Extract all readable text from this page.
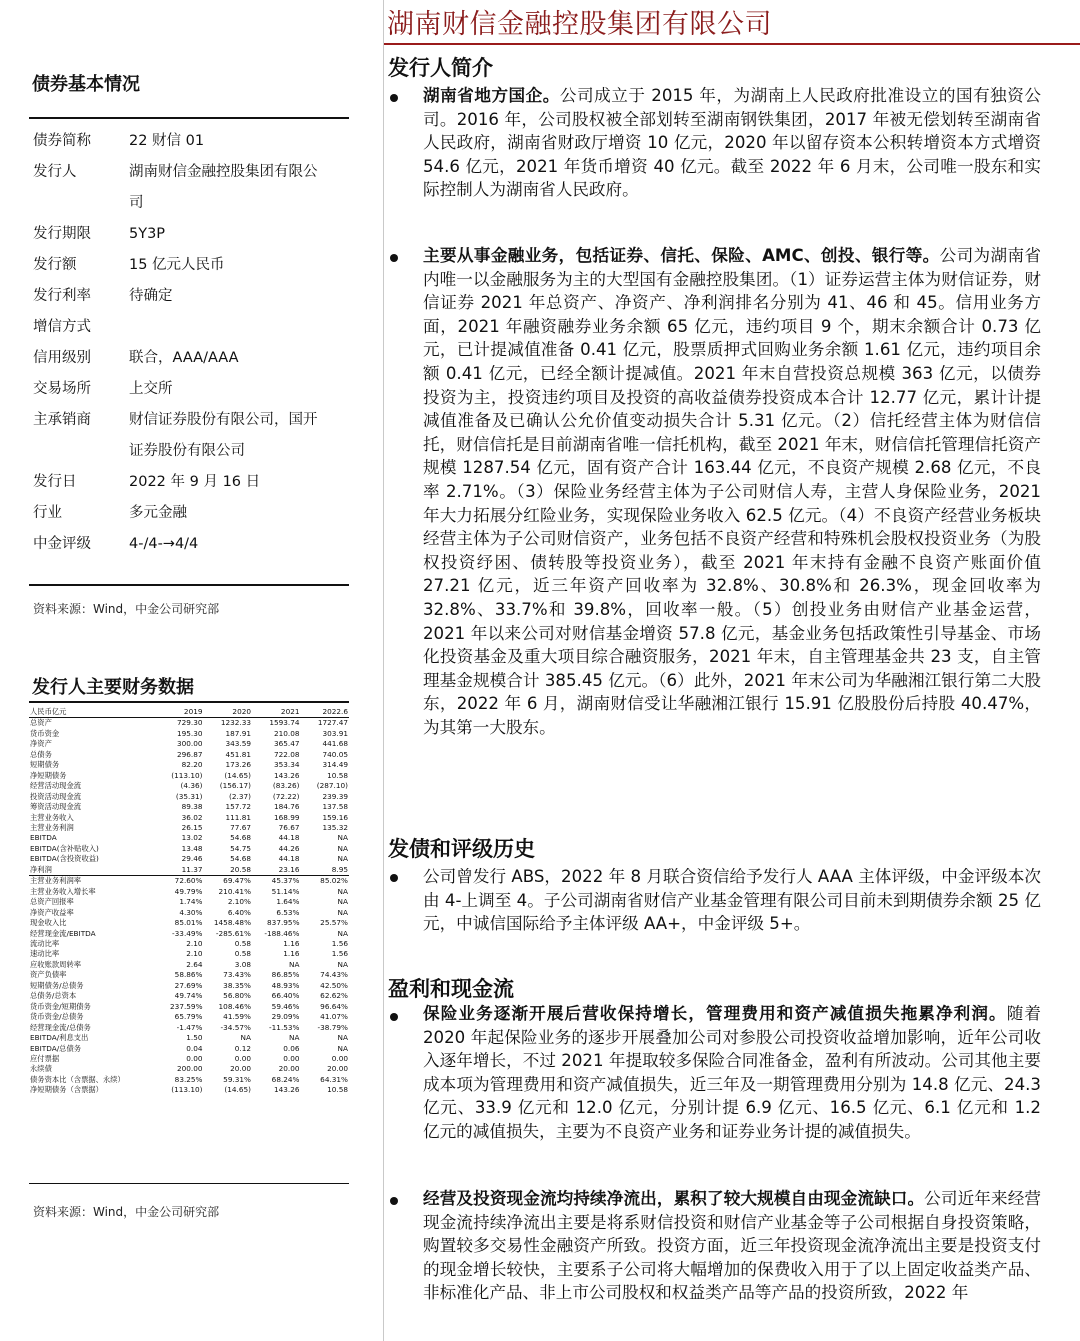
湖南财信金融控股集团有限公司
债券基本情况
债券简称	22 财信 01
发行人	湖南财信金融控股集团有限公
司
发行期限	5Y3P
发行额	15 亿元人民币
发行利率	待确定
增信方式
信用级别	联合，AAA/AAA
交易场所	上交所
主承销商	财信证券股份有限公司，国开
证券股份有限公司
发行日	2022 年 9 月 16 日
行业	多元金融
中金评级	4-/4-→4/4
资料来源：Wind，中金公司研究部
发行人主要财务数据
人民币亿元	2019	2020	2021	2022.6
总资产	729.30	1232.33	1593.74	1727.47
货币资金	195.30	187.91	210.08	303.91
净资产	300.00	343.59	365.47	441.68
总债务	296.87	451.81	722.08	740.05
短期债务	82.20	173.26	353.34	314.49
净短期债务	(113.10)	(14.65)	143.26	10.58
经营活动现金流	(4.36)	(156.17)	(83.26)	(287.10)
投资活动现金流	(35.31)	(2.37)	(72.22)	239.39
筹资活动现金流	89.38	157.72	184.76	137.58
主营业务收入	36.02	111.81	168.99	159.16
主营业务利润	26.15	77.67	76.67	135.32
EBITDA	13.02	54.68	44.18	NA
EBITDA(含补贴收入)	13.48	54.75	44.26	NA
EBITDA(含投资收益)	29.46	54.68	44.18	NA
净利润	11.37	20.58	23.16	8.95
主营业务利润率	72.60%	69.47%	45.37%	85.02%
主营业务收入增长率	49.79%	210.41%	51.14%	NA
总资产回报率	1.74%	2.10%	1.64%	NA
净资产收益率	4.30%	6.40%	6.53%	NA
现金收入比	85.01%	1458.48%	837.95%	25.57%
经营现金流/EBITDA	-33.49%	-285.61%	-188.46%	NA
流动比率	2.10	0.58	1.16	1.56
速动比率	2.10	0.58	1.16	1.56
应收账款周转率	2.64	3.08	NA	NA
资产负债率	58.86%	73.43%	86.85%	74.43%
短期债务/总债务	27.69%	38.35%	48.93%	42.50%
总债务/总资本	49.74%	56.80%	66.40%	62.62%
货币资金/短期债务	237.59%	108.46%	59.46%	96.64%
货币资金/总债务	65.79%	41.59%	29.09%	41.07%
经营现金流/总债务	-1.47%	-34.57%	-11.53%	-38.79%
EBITDA/利息支出	1.50	NA	NA	NA
EBITDA/总债务	0.04	0.12	0.06	NA
应付票据	0.00	0.00	0.00	0.00
永续债	200.00	20.00	20.00	20.00
债务资本比（含票据、永续）	83.25%	59.31%	68.24%	64.31%
净短期债务（含票据）	(113.10)	(14.65)	143.26	10.58
资料来源：Wind，中金公司研究部
发行人简介
湖南省地方国企。公司成立于 2015 年，为湖南上人民政府批准设立的国有独资公司。2016 年，公司股权被全部划转至湖南钢铁集团，2017 年被无偿划转至湖南省人民政府，湖南省财政厅增资 10 亿元，2020 年以留存资本公积转增资本方式增资 54.6 亿元，2021 年货币增资 40 亿元。截至 2022 年 6 月末，公司唯一股东和实际控制人为湖南省人民政府。
主要从事金融业务，包括证券、信托、保险、AMC、创投、银行等。公司为湖南省内唯一以金融服务为主的大型国有金融控股集团。（1）证券运营主体为财信证券，财信证券 2021 年总资产、净资产、净利润排名分别为 41、46 和 45。信用业务方面，2021 年融资融券业务余额 65 亿元，违约项目 9 个，期末余额合计 0.73 亿元，已计提减值准备 0.41 亿元，股票质押式回购业务余额 1.61 亿元，违约项目余额 0.41 亿元，已经全额计提减值。2021 年末自营投资总规模 363 亿元，以债券投资为主，投资违约项目及投资的高收益债券投资成本合计 12.77 亿元，累计计提减值准备及已确认公允价值变动损失合计 5.31 亿元。（2）信托经营主体为财信信托，财信信托是目前湖南省唯一信托机构，截至 2021 年末，财信信托管理信托资产规模 1287.54 亿元，固有资产合计 163.44 亿元，不良资产规模 2.68 亿元，不良率 2.71%。（3）保险业务经营主体为子公司财信人寿，主营人身保险业务，2021 年大力拓展分红险业务，实现保险业务收入 62.5 亿元。（4）不良资产经营业务板块经营主体为子公司财信资产，业务包括不良资产经营和特殊机会股权投资业务（为股权投资纾困、债转股等投资业务），截至 2021 年末持有金融不良资产账面价值 27.21 亿元，近三年资产回收率为 32.8%、30.8%和 26.3%，现金回收率为 32.8%、33.7%和 39.8%，回收率一般。（5）创投业务由财信产业基金运营，2021 年以来公司对财信基金增资 57.8 亿元，基金业务包括政策性引导基金、市场化投资基金及重大项目综合融资服务，2021 年末，自主管理基金共 23 支，自主管理基金规模合计 385.45 亿元。（6）此外，2021 年末公司为华融湘江银行第二大股东，2022 年 6 月，湖南财信受让华融湘江银行 15.91 亿股股份后持股 40.47%，为其第一大股东。
发债和评级历史
公司曾发行 ABS，2022 年 8 月联合资信给予发行人 AAA 主体评级，中金评级本次由 4-上调至 4。子公司湖南省财信产业基金管理有限公司目前未到期债券余额 25 亿元，中诚信国际给予主体评级 AA+，中金评级 5+。
盈利和现金流
保险业务逐渐开展后营收保持增长，管理费用和资产减值损失拖累净利润。随着 2020 年起保险业务的逐步开展叠加公司对参股公司投资收益增加影响，近年公司收入逐年增长，不过 2021 年提取较多保险合同准备金，盈利有所波动。公司其他主要成本项为管理费用和资产减值损失，近三年及一期管理费用分别为 14.8 亿元、24.3 亿元、33.9 亿元和 12.0 亿元，分别计提 6.9 亿元、16.5 亿元、6.1 亿元和 1.2 亿元的减值损失，主要为不良资产业务和证券业务计提的减值损失。
经营及投资现金流均持续净流出，累积了较大规模自由现金流缺口。公司近年来经营现金流持续净流出主要是将系财信投资和财信产业基金等子公司根据自身投资策略，购置较多交易性金融资产所致。投资方面，近三年投资现金流净流出主要是投资支付的现金增长较快，主要系子公司将大幅增加的保费收入用于了以上固定收益类产品、非标准化产品、非上市公司股权和权益类产品等产品的投资所致，2022 年
